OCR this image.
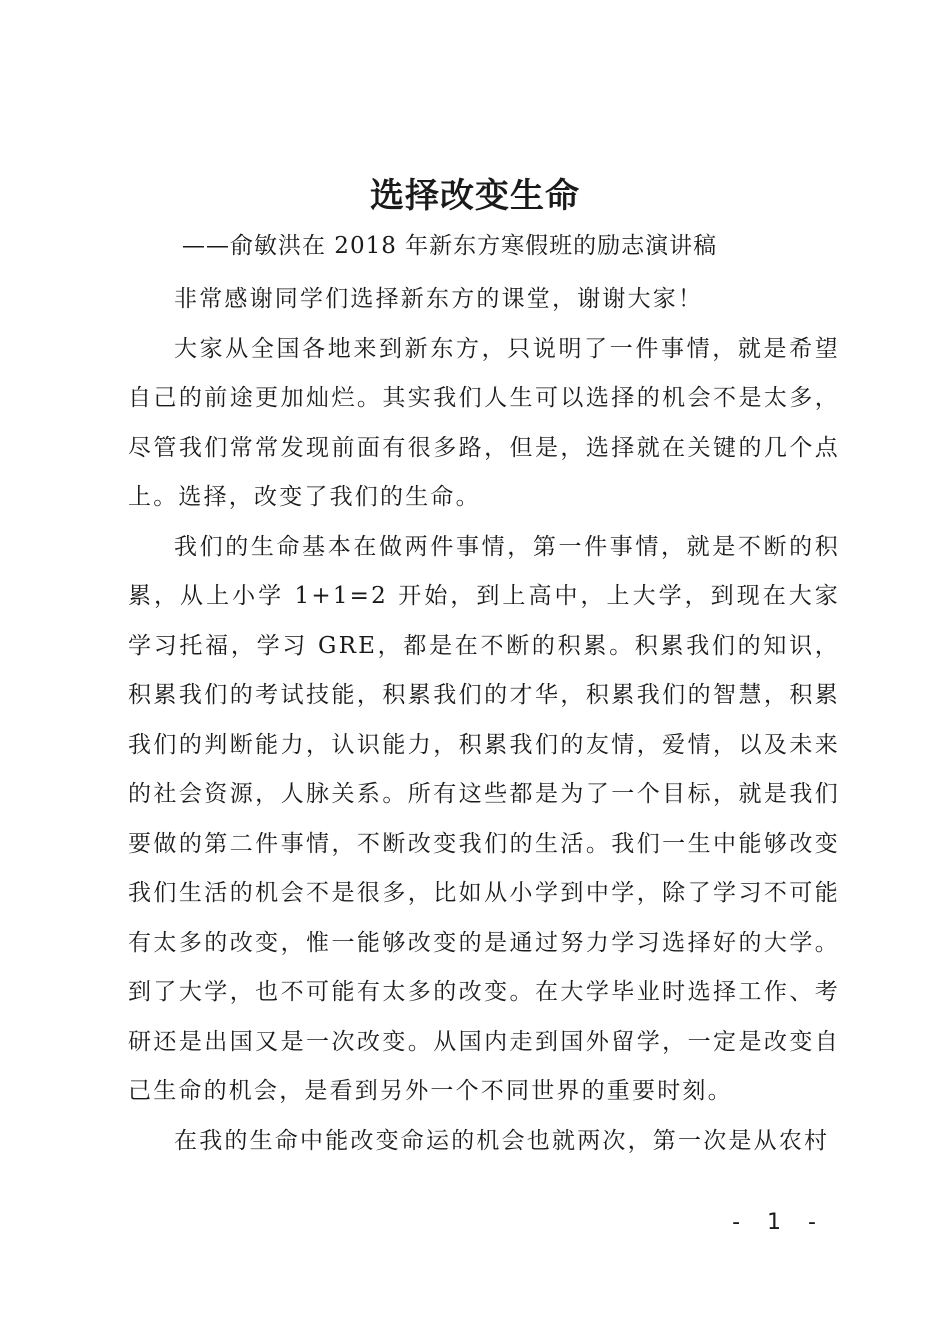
选择改变生命
——俞敏洪在 2018 年新东方寒假班的励志演讲稿

非常感谢同学们选择新东方的课堂，谢谢大家！

大家从全国各地来到新东方，只说明了一件事情，就是希望自己的前途更加灿烂。其实我们人生可以选择的机会不是太多，尽管我们常常发现前面有很多路，但是，选择就在关键的几个点上。选择，改变了我们的生命。

我们的生命基本在做两件事情，第一件事情，就是不断的积累，从上小学 1+1=2 开始，到上高中，上大学，到现在大家学习托福，学习 GRE，都是在不断的积累。积累我们的知识，积累我们的考试技能，积累我们的才华，积累我们的智慧，积累我们的判断能力，认识能力，积累我们的友情，爱情，以及未来的社会资源，人脉关系。所有这些都是为了一个目标，就是我们要做的第二件事情，不断改变我们的生活。我们一生中能够改变我们生活的机会不是很多，比如从小学到中学，除了学习不可能有太多的改变，惟一能够改变的是通过努力学习选择好的大学。到了大学，也不可能有太多的改变。在大学毕业时选择工作、考研还是出国又是一次改变。从国内走到国外留学，一定是改变自己生命的机会，是看到另外一个不同世界的重要时刻。

在我的生命中能改变命运的机会也就两次，第一次是从农村

- 1 -
